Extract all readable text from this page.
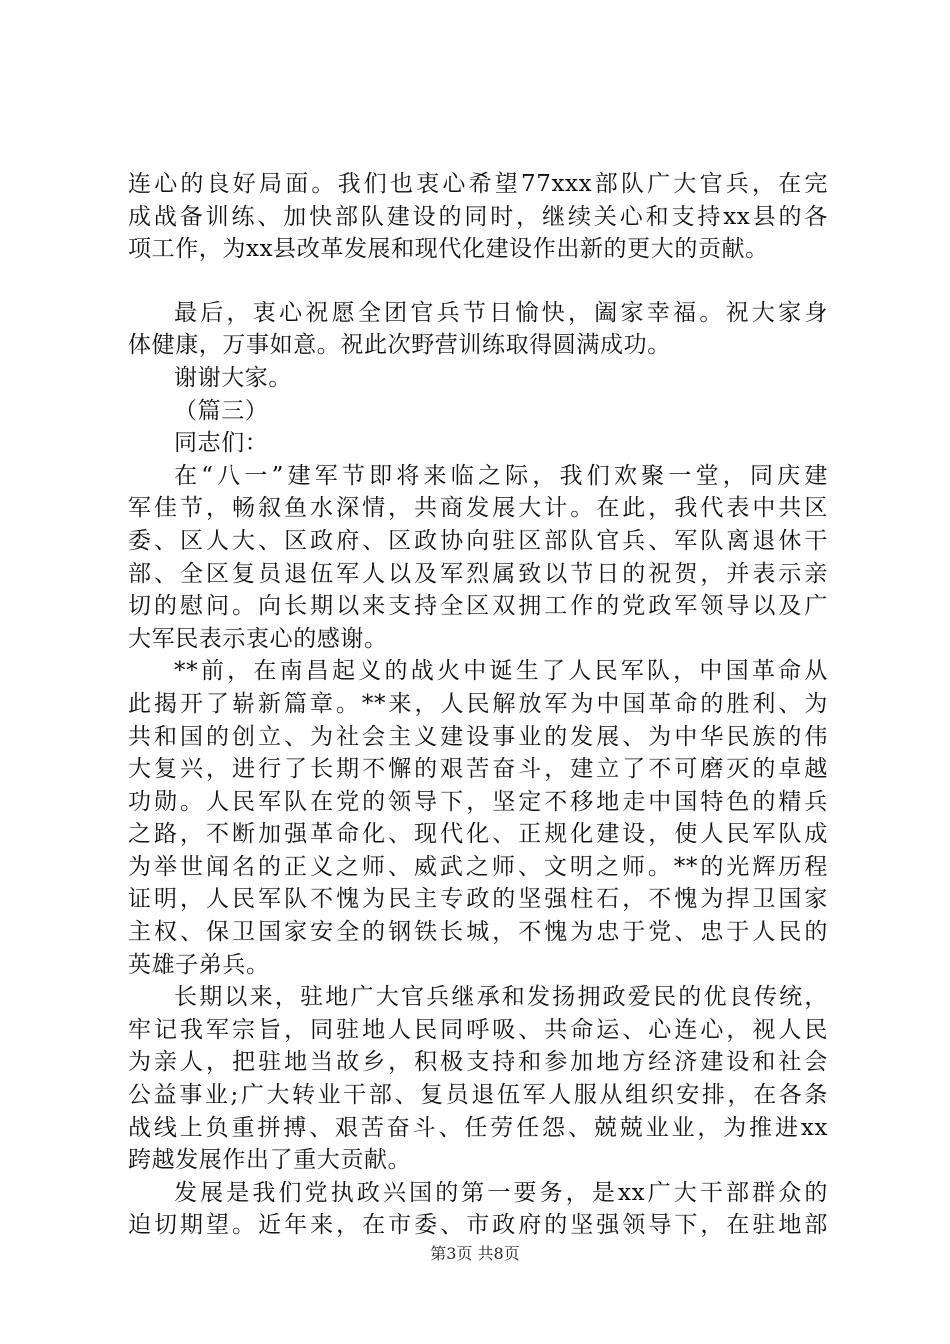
连心的良好局面。我们也衷心希望77xxx部队广大官兵，在完
成战备训练、加快部队建设的同时，继续关心和支持xx县的各
项工作，为xx县改革发展和现代化建设作出新的更大的贡献。
最后，衷心祝愿全团官兵节日愉快，阖家幸福。祝大家身
体健康，万事如意。祝此次野营训练取得圆满成功。
谢谢大家。
（篇三）
同志们：
在“八一”建军节即将来临之际，我们欢聚一堂，同庆建
军佳节，畅叙鱼水深情，共商发展大计。在此，我代表中共区
委、区人大、区政府、区政协向驻区部队官兵、军队离退休干
部、全区复员退伍军人以及军烈属致以节日的祝贺，并表示亲
切的慰问。向长期以来支持全区双拥工作的党政军领导以及广
大军民表示衷心的感谢。
**前，在南昌起义的战火中诞生了人民军队，中国革命从
此揭开了崭新篇章。**来，人民解放军为中国革命的胜利、为
共和国的创立、为社会主义建设事业的发展、为中华民族的伟
大复兴，进行了长期不懈的艰苦奋斗，建立了不可磨灭的卓越
功勋。人民军队在党的领导下，坚定不移地走中国特色的精兵
之路，不断加强革命化、现代化、正规化建设，使人民军队成
为举世闻名的正义之师、威武之师、文明之师。**的光辉历程
证明，人民军队不愧为民主专政的坚强柱石，不愧为捍卫国家
主权、保卫国家安全的钢铁长城，不愧为忠于党、忠于人民的
英雄子弟兵。
长期以来，驻地广大官兵继承和发扬拥政爱民的优良传统，
牢记我军宗旨，同驻地人民同呼吸、共命运、心连心，视人民
为亲人，把驻地当故乡，积极支持和参加地方经济建设和社会
公益事业;广大转业干部、复员退伍军人服从组织安排，在各条
战线上负重拼搏、艰苦奋斗、任劳任怨、兢兢业业，为推进xx
跨越发展作出了重大贡献。
发展是我们党执政兴国的第一要务，是xx广大干部群众的
迫切期望。近年来，在市委、市政府的坚强领导下，在驻地部
第3页 共8页
